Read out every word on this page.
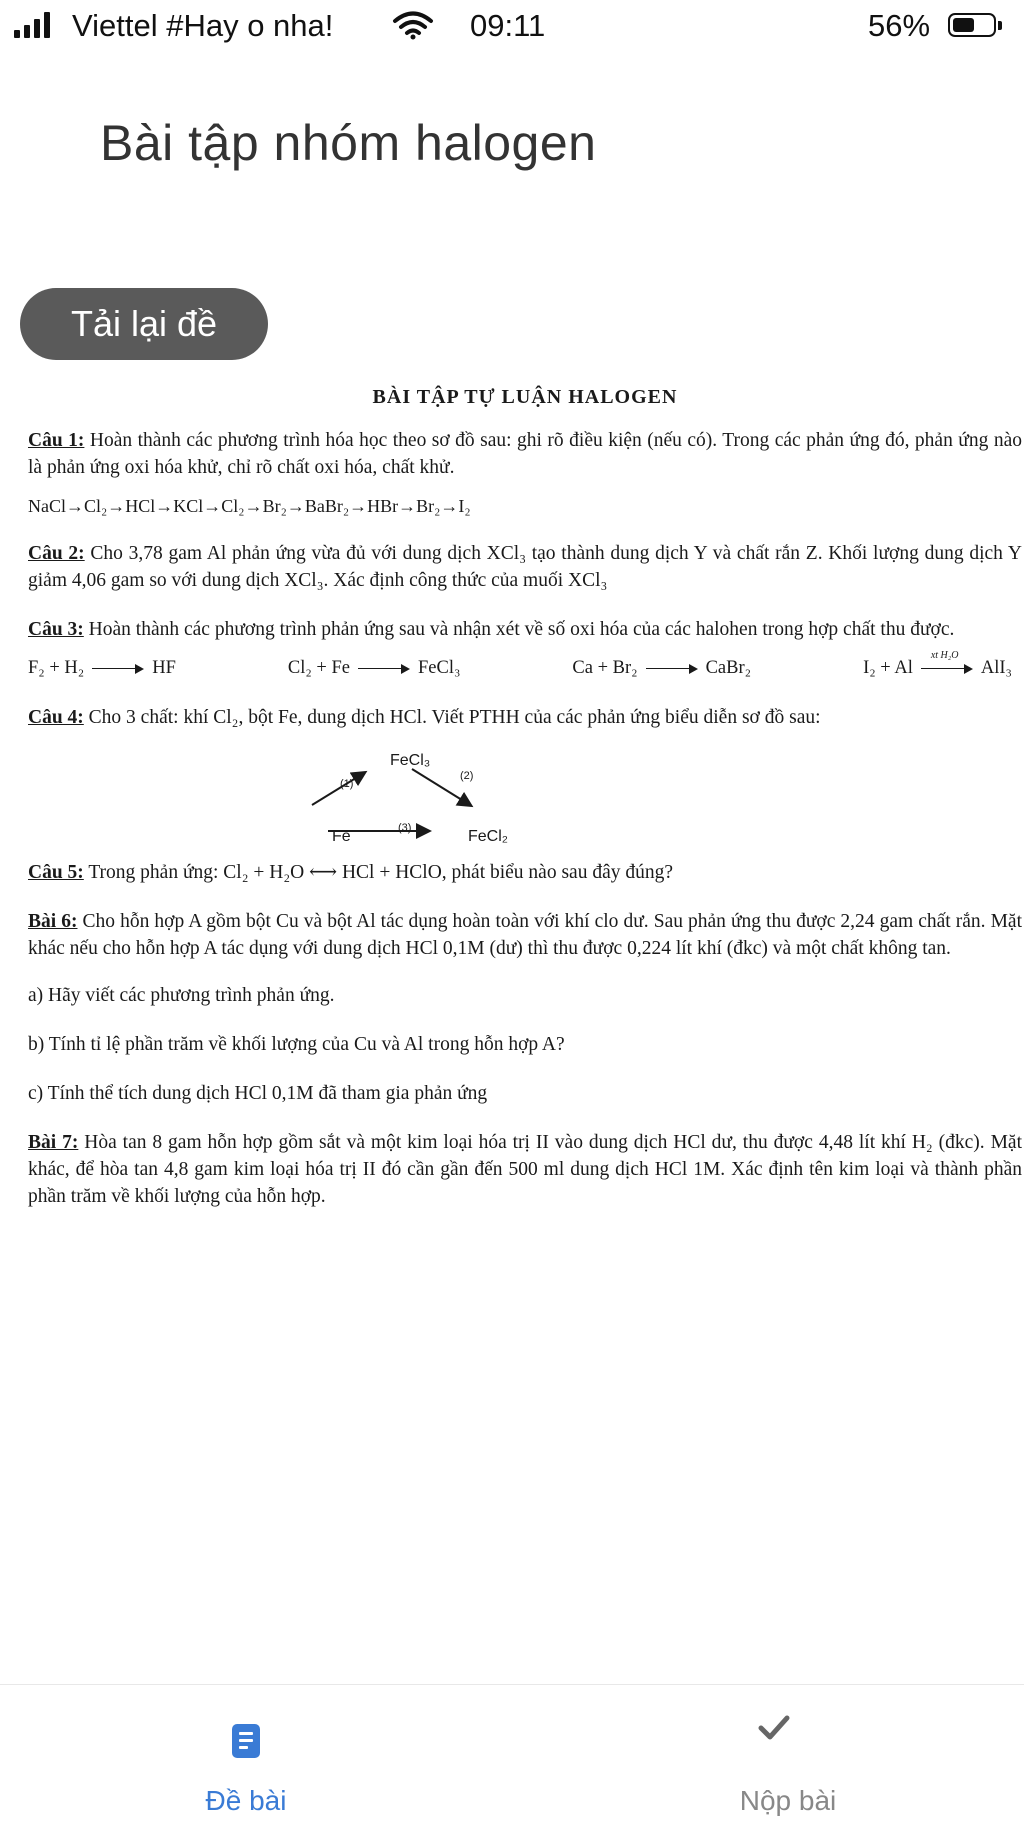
Viettel #Hay o nha!	09:11	56%
Bài tập nhóm halogen
Tải lại đề
BÀI TẬP TỰ LUẬN HALOGEN
Câu 1: Hoàn thành các phương trình hóa học theo sơ đồ sau: ghi rõ điều kiện (nếu có). Trong các phản ứng đó, phản ứng nào là phản ứng oxi hóa khử, chỉ rõ chất oxi hóa, chất khử.
NaCl→Cl₂→HCl→KCl→Cl₂→Br₂→BaBr₂→HBr→Br₂→I₂
Câu 2: Cho 3,78 gam Al phản ứng vừa đủ với dung dịch XCl₃ tạo thành dung dịch Y và chất rắn Z. Khối lượng dung dịch Y giảm 4,06 gam so với dung dịch XCl₃. Xác định công thức của muối XCl₃
Câu 3: Hoàn thành các phương trình phản ứng sau và nhận xét về số oxi hóa của các halohen trong hợp chất thu được.
F₂ + H₂	HF	Cl₂ + Fe	FeCl₃	Ca + Br₂	CaBr₂	I₂ + Al
xt H₂O
AlI₃
Câu 4: Cho 3 chất: khí Cl₂, bột Fe, dung dịch HCl. Viết PTHH của các phản ứng biểu diễn sơ đồ sau:
FeCl₃
Fe	FeCl₂
(1)
(2)
(3)
Câu 5: Trong phản ứng: Cl₂ + H₂O ⟷ HCl + HClO, phát biểu nào sau đây đúng?
Bài 6: Cho hỗn hợp A gồm bột Cu và bột Al tác dụng hoàn toàn với khí clo dư. Sau phản ứng thu được 2,24 gam chất rắn. Mặt khác nếu cho hỗn hợp A tác dụng với dung dịch HCl 0,1M (dư) thì thu được 0,224 lít khí (đkc) và một chất không tan.
a) Hãy viết các phương trình phản ứng.
b) Tính tỉ lệ phần trăm về khối lượng của Cu và Al trong hỗn hợp A?
c) Tính thể tích dung dịch HCl 0,1M đã tham gia phản ứng
Bài 7: Hòa tan 8 gam hỗn hợp gồm sắt và một kim loại hóa trị II vào dung dịch HCl dư, thu được 4,48 lít khí H₂ (đkc). Mặt khác, để hòa tan 4,8 gam kim loại hóa trị II đó cần gần đến 500 ml dung dịch HCl 1M. Xác định tên kim loại và thành phần phần trăm về khối lượng của hỗn hợp.
Đề bài	Nộp bài
